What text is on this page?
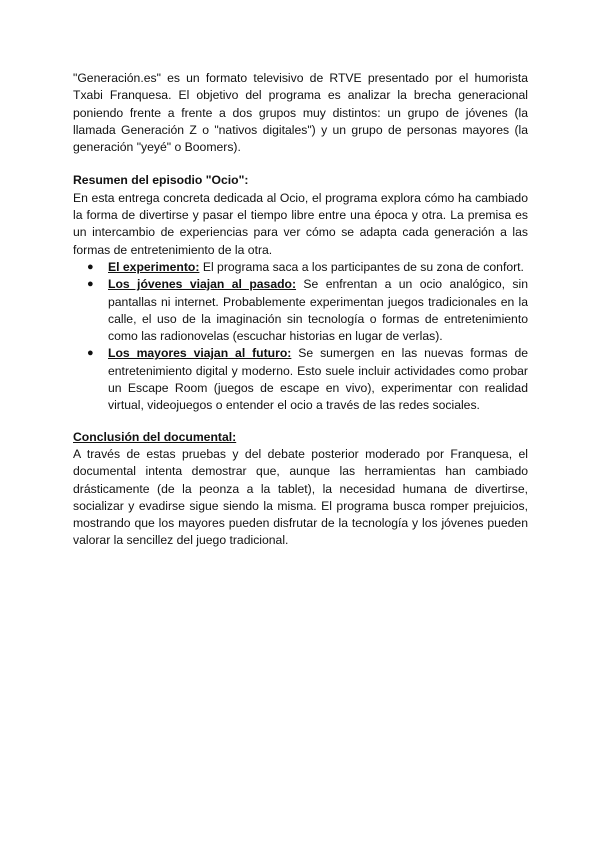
"Generación.es" es un formato televisivo de RTVE presentado por el humorista Txabi Franquesa. El objetivo del programa es analizar la brecha generacional poniendo frente a frente a dos grupos muy distintos: un grupo de jóvenes (la llamada Generación Z o "nativos digitales") y un grupo de personas mayores (la generación "yeyé" o Boomers).

Resumen del episodio "Ocio":

En esta entrega concreta dedicada al Ocio, el programa explora cómo ha cambiado la forma de divertirse y pasar el tiempo libre entre una época y otra. La premisa es un intercambio de experiencias para ver cómo se adapta cada generación a las formas de entretenimiento de la otra.

● El experimento: El programa saca a los participantes de su zona de confort.
● Los jóvenes viajan al pasado: Se enfrentan a un ocio analógico, sin pantallas ni internet. Probablemente experimentan juegos tradicionales en la calle, el uso de la imaginación sin tecnología o formas de entretenimiento como las radionovelas (escuchar historias en lugar de verlas).
● Los mayores viajan al futuro: Se sumergen en las nuevas formas de entretenimiento digital y moderno. Esto suele incluir actividades como probar un Escape Room (juegos de escape en vivo), experimentar con realidad virtual, videojuegos o entender el ocio a través de las redes sociales.

Conclusión del documental:

A través de estas pruebas y del debate posterior moderado por Franquesa, el documental intenta demostrar que, aunque las herramientas han cambiado drásticamente (de la peonza a la tablet), la necesidad humana de divertirse, socializar y evadirse sigue siendo la misma. El programa busca romper prejuicios, mostrando que los mayores pueden disfrutar de la tecnología y los jóvenes pueden valorar la sencillez del juego tradicional.
